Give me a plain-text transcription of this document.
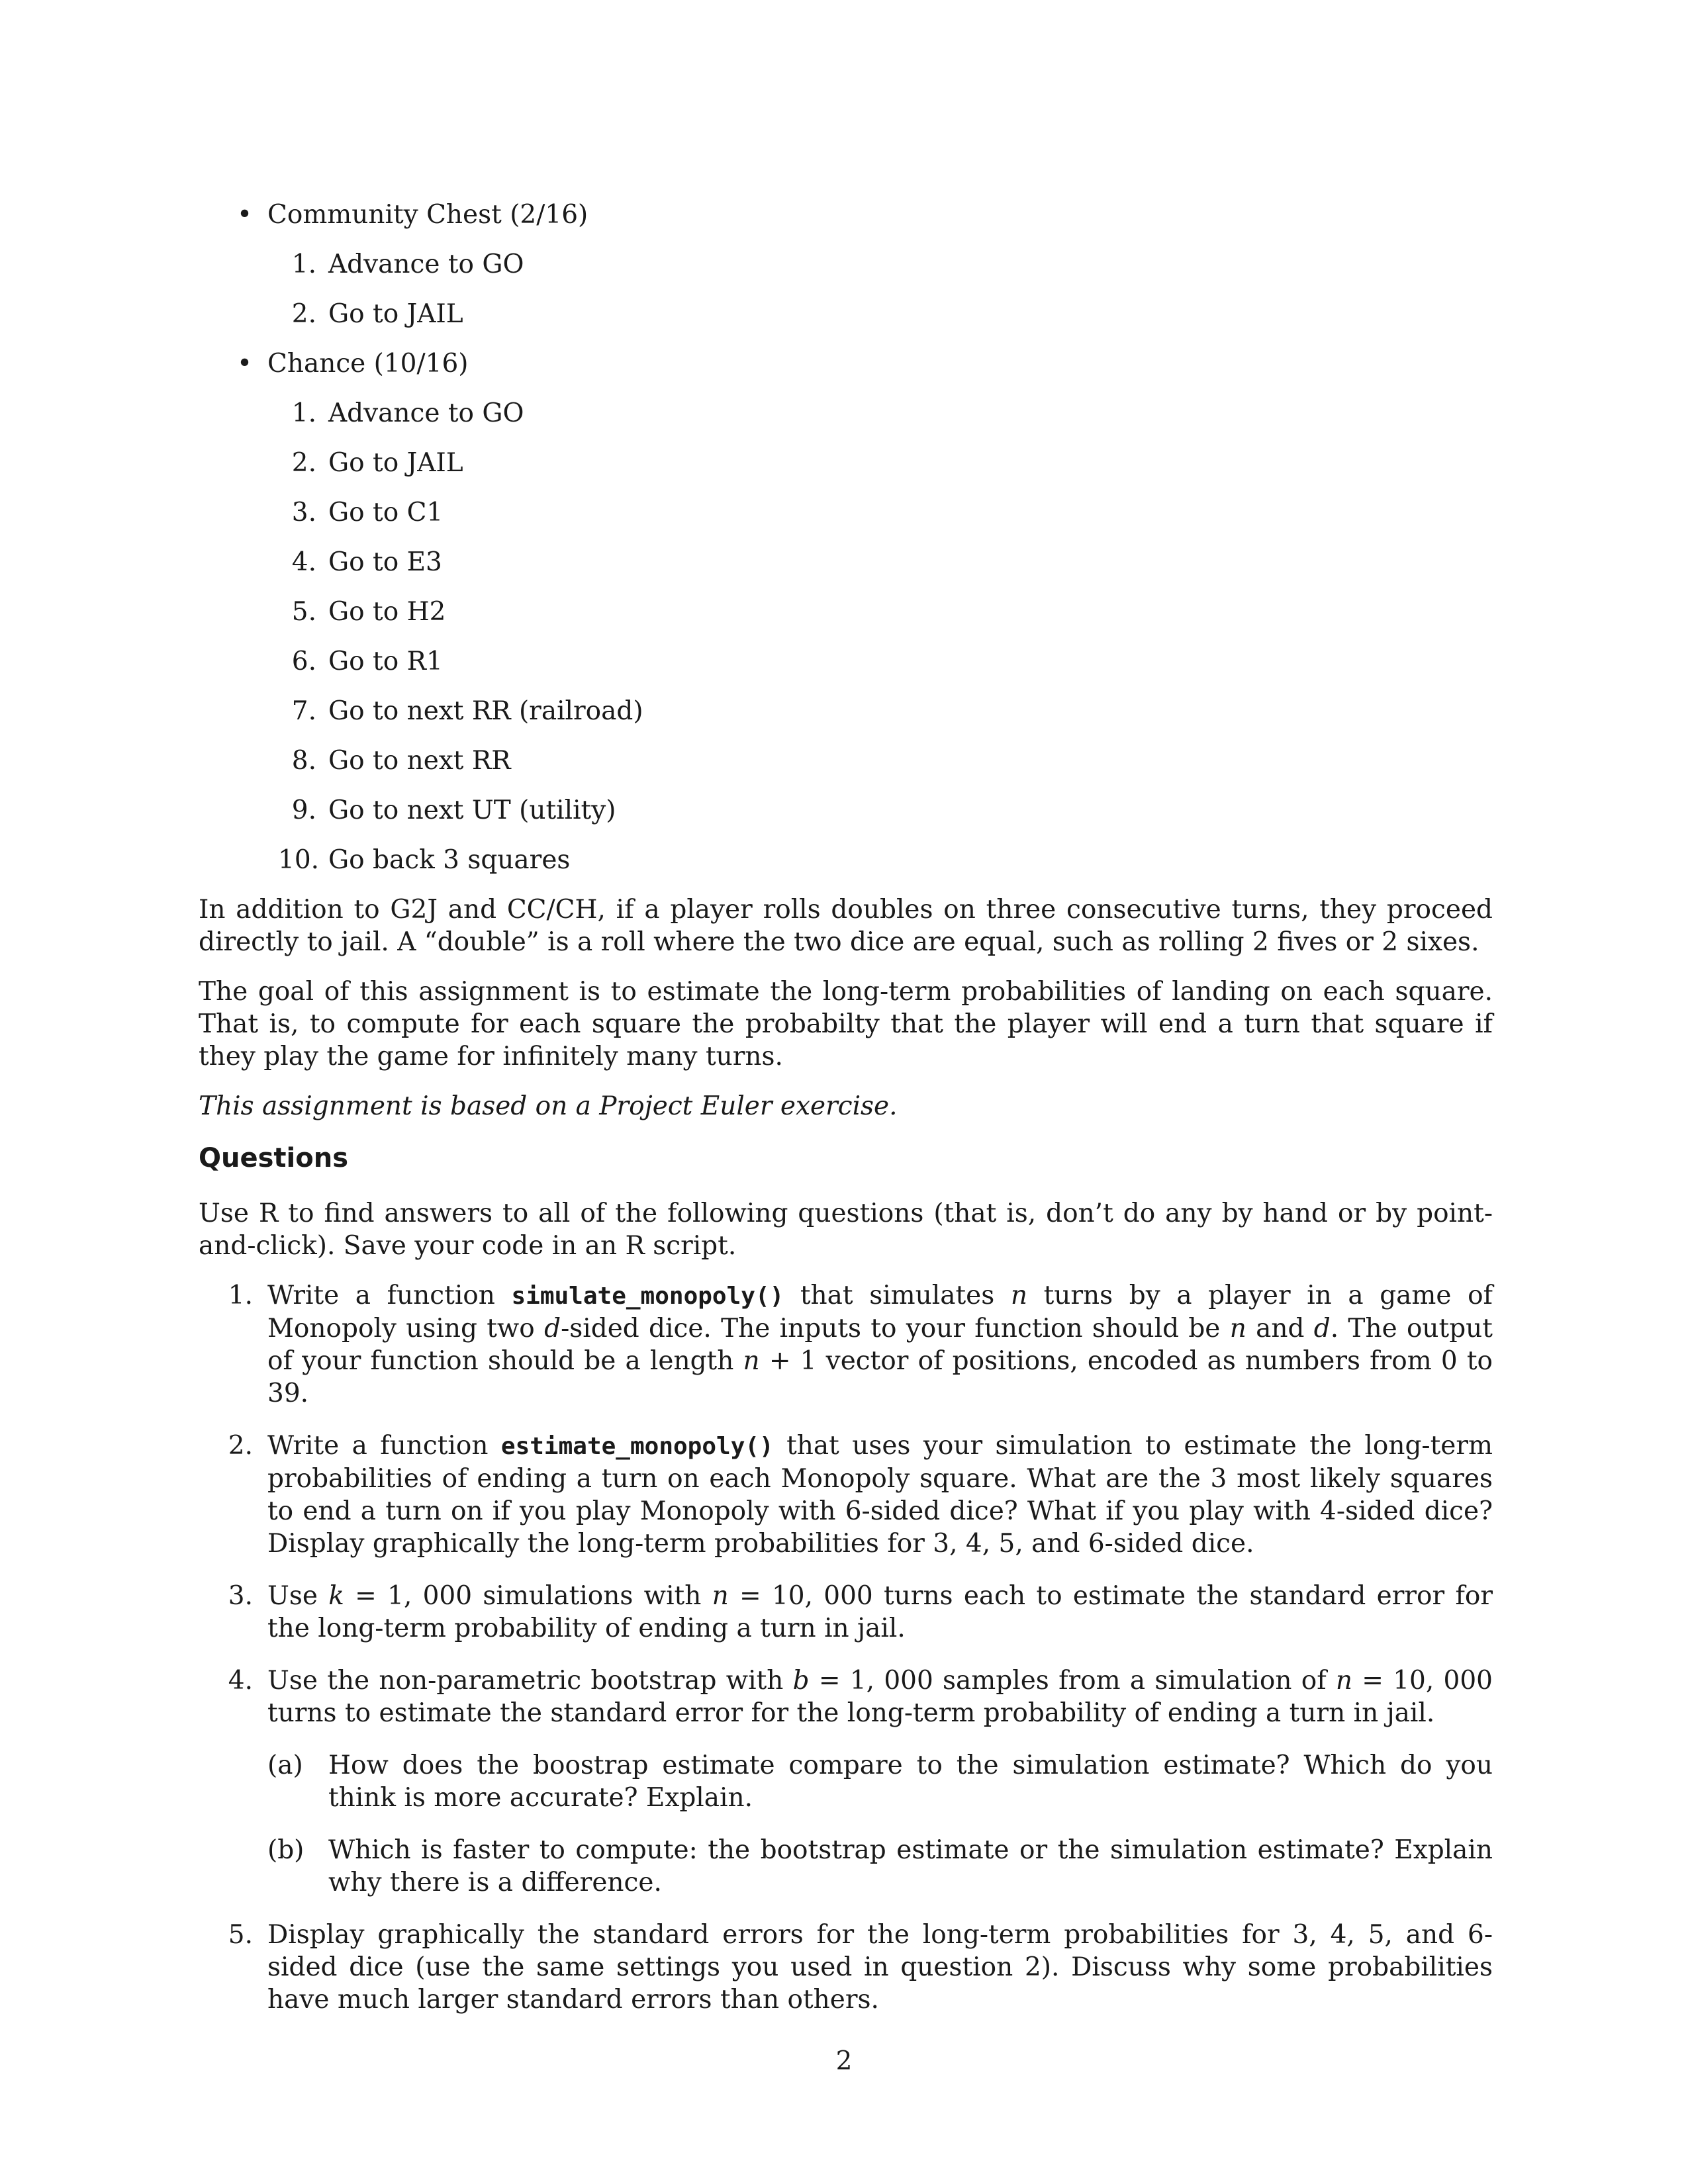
• Community Chest (2/16)
1. Advance to GO
2. Go to JAIL
• Chance (10/16)
1. Advance to GO
2. Go to JAIL
3. Go to C1
4. Go to E3
5. Go to H2
6. Go to R1
7. Go to next RR (railroad)
8. Go to next RR
9. Go to next UT (utility)
10. Go back 3 squares

In addition to G2J and CC/CH, if a player rolls doubles on three consecutive turns, they proceed directly to jail. A “double” is a roll where the two dice are equal, such as rolling 2 fives or 2 sixes.

The goal of this assignment is to estimate the long-term probabilities of landing on each square. That is, to compute for each square the probabilty that the player will end a turn that square if they play the game for infinitely many turns.

This assignment is based on a Project Euler exercise.

Questions

Use R to find answers to all of the following questions (that is, don’t do any by hand or by point-and-click). Save your code in an R script.

1. Write a function simulate_monopoly() that simulates n turns by a player in a game of Monopoly using two d-sided dice. The inputs to your function should be n and d. The output of your function should be a length n + 1 vector of positions, encoded as numbers from 0 to 39.
2. Write a function estimate_monopoly() that uses your simulation to estimate the long-term probabilities of ending a turn on each Monopoly square. What are the 3 most likely squares to end a turn on if you play Monopoly with 6-sided dice? What if you play with 4-sided dice? Display graphically the long-term probabilities for 3, 4, 5, and 6-sided dice.
3. Use k = 1, 000 simulations with n = 10, 000 turns each to estimate the standard error for the long-term probability of ending a turn in jail.
4. Use the non-parametric bootstrap with b = 1, 000 samples from a simulation of n = 10, 000 turns to estimate the standard error for the long-term probability of ending a turn in jail.
(a) How does the boostrap estimate compare to the simulation estimate? Which do you think is more accurate? Explain.
(b) Which is faster to compute: the bootstrap estimate or the simulation estimate? Explain why there is a difference.
5. Display graphically the standard errors for the long-term probabilities for 3, 4, 5, and 6-sided dice (use the same settings you used in question 2). Discuss why some probabilities have much larger standard errors than others.
2
